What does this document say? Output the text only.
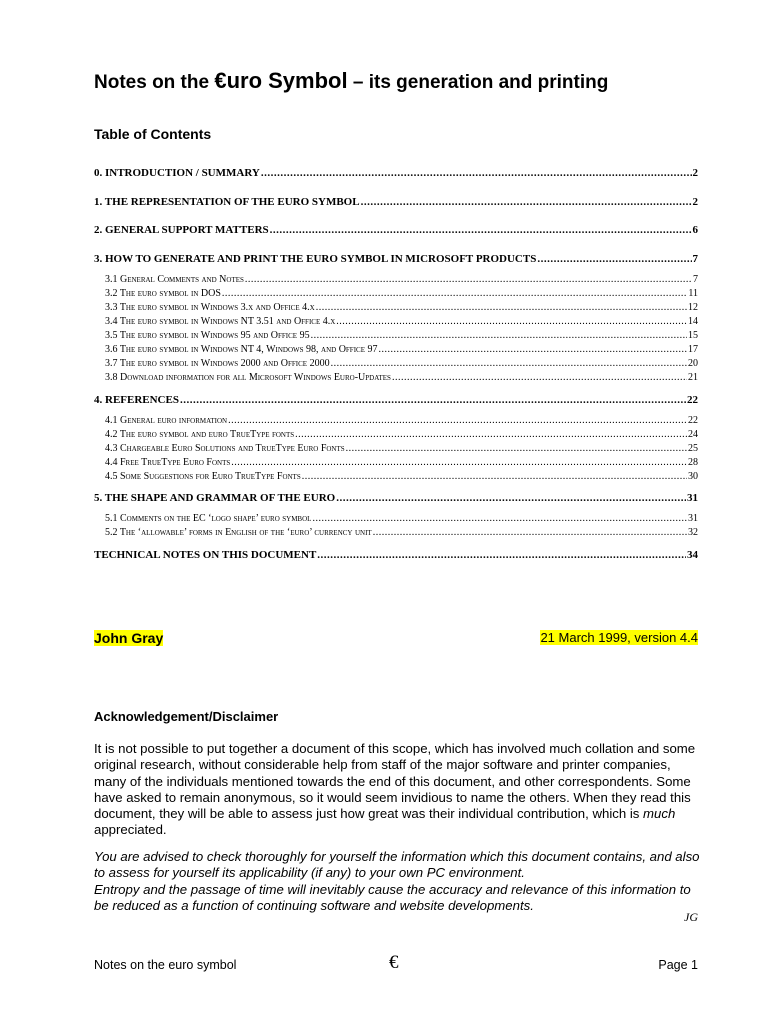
Notes on the €uro Symbol – its generation and printing
Table of Contents
0. INTRODUCTION / SUMMARY .....	2
1. THE REPRESENTATION OF THE EURO SYMBOL .....	2
2. GENERAL SUPPORT MATTERS .....	6
3. HOW TO GENERATE AND PRINT THE EURO SYMBOL IN MICROSOFT PRODUCTS .....	7
3.1 General Comments and Notes .....	7
3.2 The euro symbol in DOS .....	11
3.3 The euro symbol in Windows 3.x and Office 4.x .....	12
3.4 The euro symbol in Windows NT 3.51 and Office 4.x .....	14
3.5 The euro symbol in Windows 95 and Office 95 .....	15
3.6 The euro symbol in Windows NT 4, Windows 98, and Office 97 .....	17
3.7 The euro symbol in Windows 2000 and Office 2000 .....	20
3.8 Download information for all Microsoft Windows Euro-Updates .....	21
4. REFERENCES .....	22
4.1 General euro information .....	22
4.2 The euro symbol and euro TrueType fonts .....	24
4.3 Chargeable Euro Solutions and TrueType Euro Fonts .....	25
4.4 Free TrueType Euro Fonts .....	28
4.5 Some Suggestions for Euro TrueType Fonts .....	30
5. THE SHAPE AND GRAMMAR OF THE EURO .....	31
5.1 Comments on the EC ‘logo shape’ euro symbol .....	31
5.2 The ‘allowable’ forms in English of the ‘euro’ currency unit .....	32
TECHNICAL NOTES ON THIS DOCUMENT .....	34
John Gray	21 March 1999, version 4.4
Acknowledgement/Disclaimer
It is not possible to put together a document of this scope, which has involved much collation and some original research, without considerable help from staff of the major software and printer companies, many of the individuals mentioned towards the end of this document, and other correspondents. Some have asked to remain anonymous, so it would seem invidious to name the others. When they read this document, they will be able to assess just how great was their individual contribution, which is much appreciated.
You are advised to check thoroughly for yourself the information which this document contains, and also to assess for yourself its applicability (if any) to your own PC environment.
Entropy and the passage of time will inevitably cause the accuracy and relevance of this information to be reduced as a function of continuing software and website developments.
JG
Notes on the euro symbol	€	Page 1
